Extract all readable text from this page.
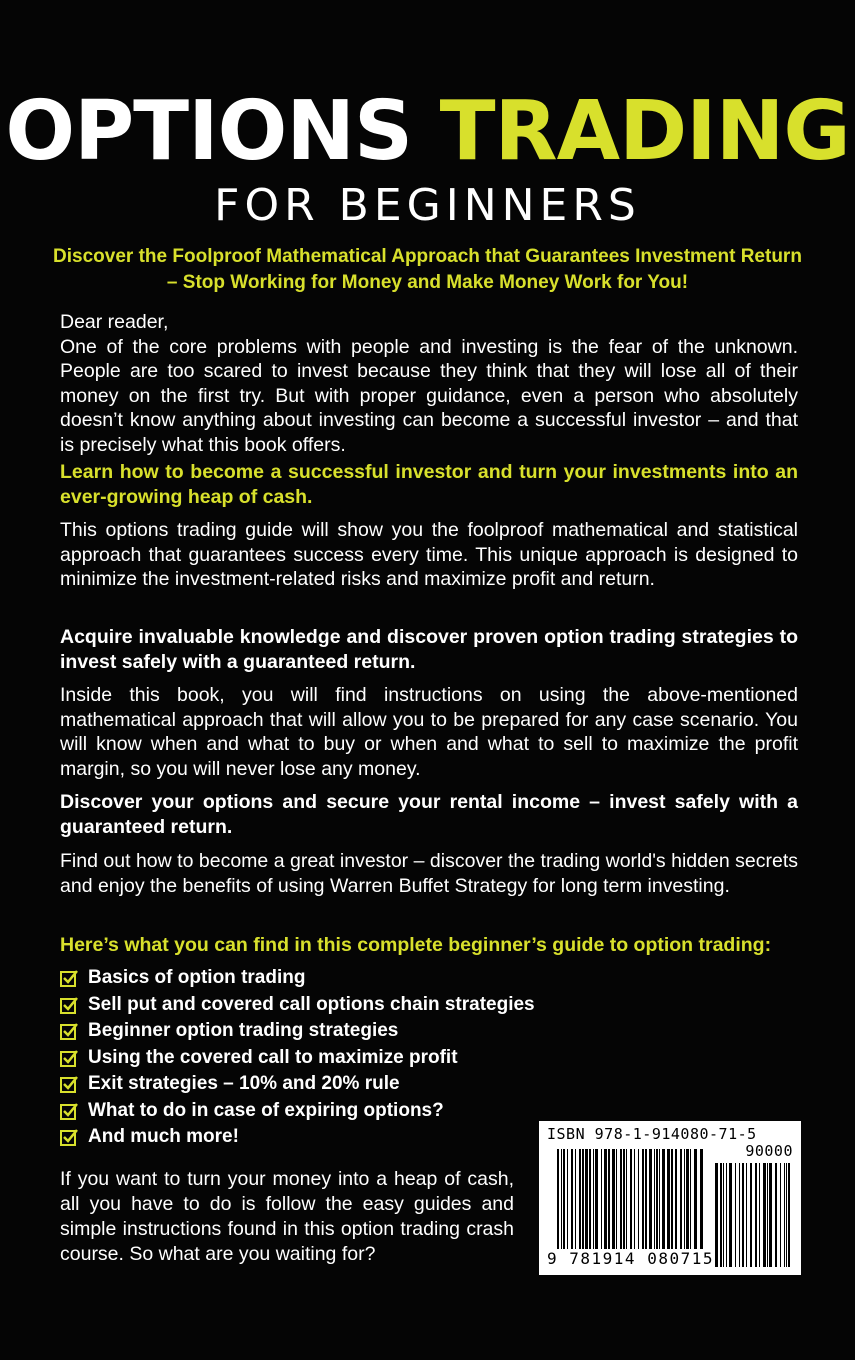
OPTIONS TRADING
FOR BEGINNERS
Discover the Foolproof Mathematical Approach that Guarantees Investment Return – Stop Working for Money and Make Money Work for You!
Dear reader,
One of the core problems with people and investing is the fear of the unknown. People are too scared to invest because they think that they will lose all of their money on the first try. But with proper guidance, even a person who absolutely doesn’t know anything about investing can become a successful investor – and that is precisely what this book offers.
Learn how to become a successful investor and turn your investments into an ever-growing heap of cash.
This options trading guide will show you the foolproof mathematical and statistical approach that guarantees success every time. This unique approach is designed to minimize the investment-related risks and maximize profit and return.
Acquire invaluable knowledge and discover proven option trading strategies to invest safely with a guaranteed return.
Inside this book, you will find instructions on using the above-mentioned mathematical approach that will allow you to be prepared for any case scenario. You will know when and what to buy or when and what to sell to maximize the profit margin, so you will never lose any money.
Discover your options and secure your rental income – invest safely with a guaranteed return.
Find out how to become a great investor – discover the trading world's hidden secrets and enjoy the benefits of using Warren Buffet Strategy for long term investing.
Here’s what you can find in this complete beginner’s guide to option trading:
Basics of option trading
Sell put and covered call options chain strategies
Beginner option trading strategies
Using the covered call to maximize profit
Exit strategies – 10% and 20% rule
What to do in case of expiring options?
And much more!
If you want to turn your money into a heap of cash, all you have to do is follow the easy guides and simple instructions found in this option trading crash course. So what are you waiting for?
ISBN 978-1-914080-71-5
90000
9 781914 080715
